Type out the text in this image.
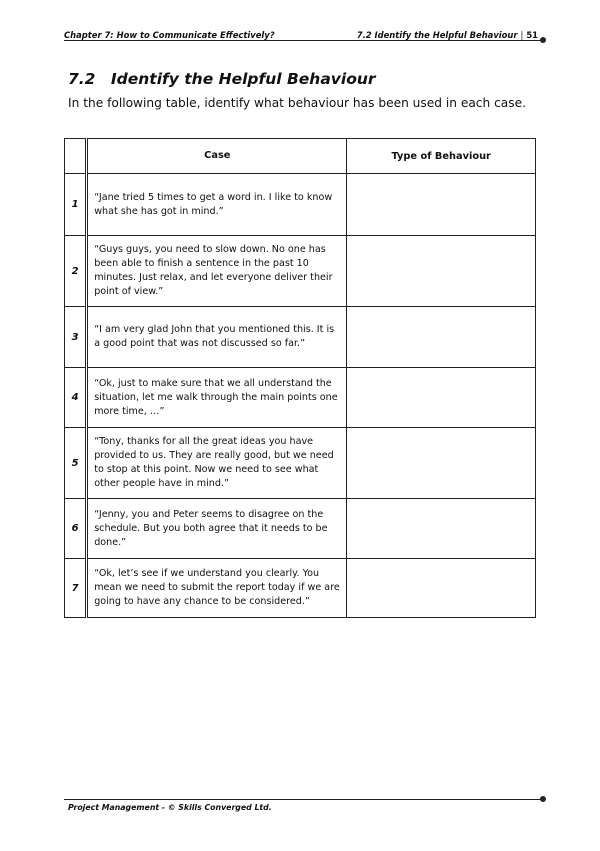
Chapter 7: How to Communicate Effectively?	7.2 Identify the Helpful Behaviour | 51
7.2 Identify the Helpful Behaviour
In the following table, identify what behaviour has been used in each case.
	Case	Type of Behaviour
1	“Jane tried 5 times to get a word in. I like to know what she has got in mind.”	
2	“Guys guys, you need to slow down. No one has been able to finish a sentence in the past 10 minutes. Just relax, and let everyone deliver their point of view.”	
3	“I am very glad John that you mentioned this. It is a good point that was not discussed so far.”	
4	“Ok, just to make sure that we all understand the situation, let me walk through the main points one more time, …”	
5	“Tony, thanks for all the great ideas you have provided to us. They are really good, but we need to stop at this point. Now we need to see what other people have in mind.”	
6	“Jenny, you and Peter seems to disagree on the schedule. But you both agree that it needs to be done.”	
7	“Ok, let’s see if we understand you clearly. You mean we need to submit the report today if we are going to have any chance to be considered.”	
Project Management - © Skills Converged Ltd.
